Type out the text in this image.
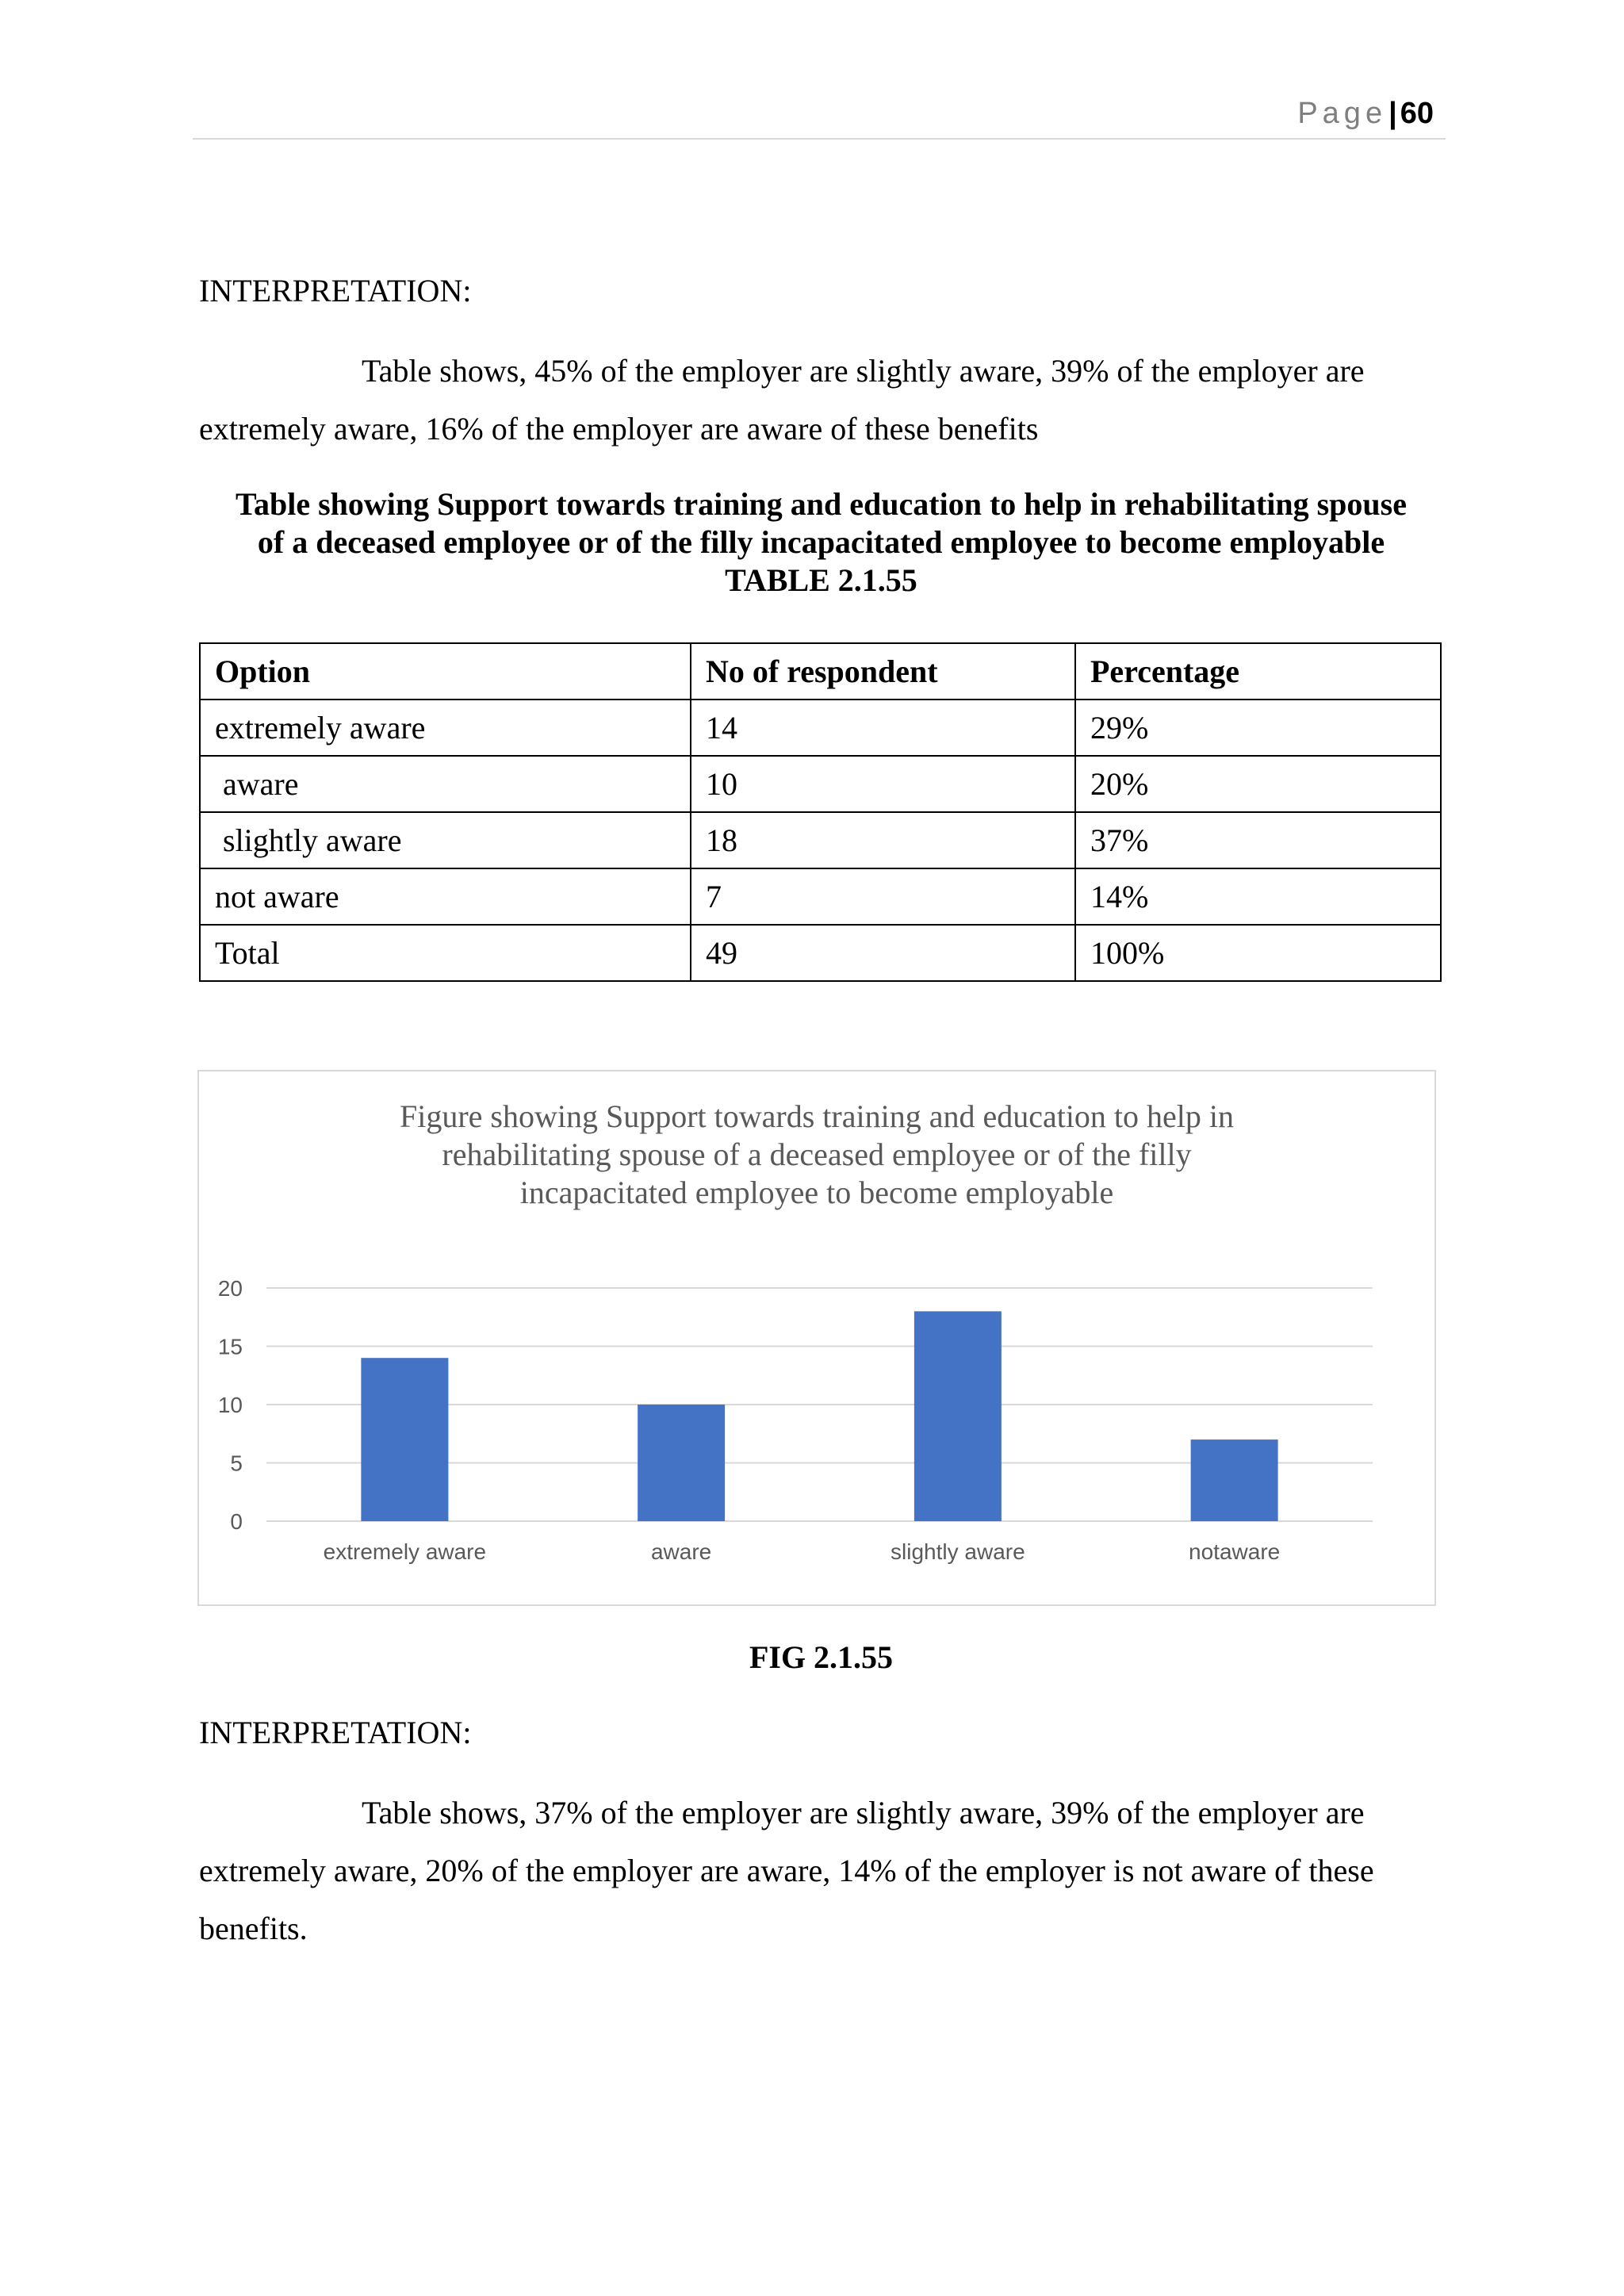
Page| 60

INTERPRETATION:

Table shows, 45% of the employer are slightly aware, 39% of the employer are extremely aware, 16% of the employer are aware of these benefits

Table showing Support towards training and education to help in rehabilitating spouse
of a deceased employee or of the filly incapacitated employee to become employable
TABLE 2.1.55
Option	No of respondent	Percentage
extremely aware	14	29%
aware	10	20%
slightly aware	18	37%
not aware	7	14%
Total	49	100%
Figure showing Support towards training and education to help in
rehabilitating spouse of a deceased employee or of the filly
incapacitated employee to become employable
0
5
10
15
20
extremely aware	aware	slightly aware	notaware

FIG 2.1.55

INTERPRETATION:

Table shows, 37% of the employer are slightly aware, 39% of the employer are extremely aware, 20% of the employer are aware, 14% of the employer is not aware of these benefits.
